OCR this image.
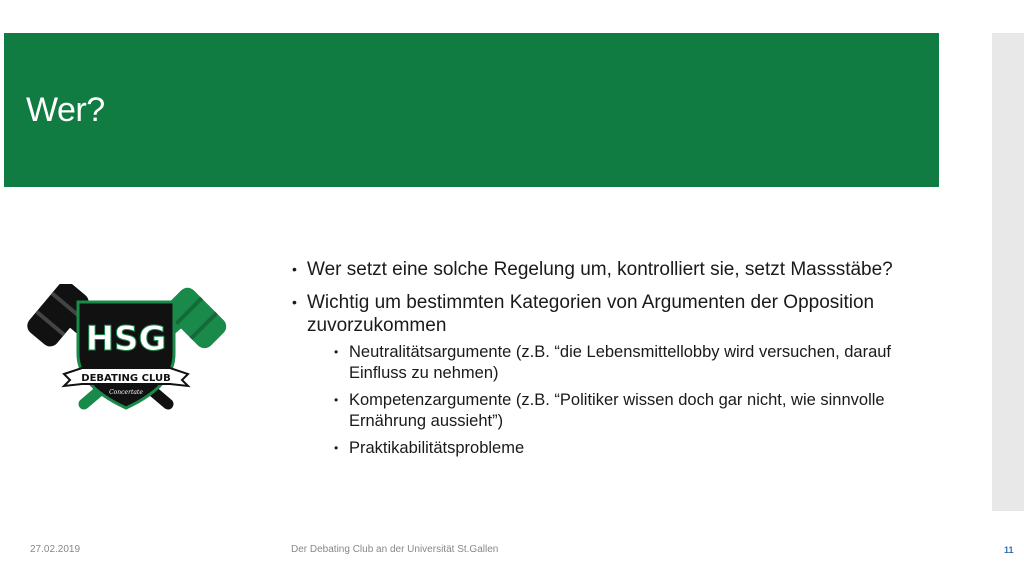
Wer?
HSG
DEBATING CLUB
Concertate
• Wer setzt eine solche Regelung um, kontrolliert sie, setzt Massstäbe?
• Wichtig um bestimmten Kategorien von Argumenten der Opposition zuvorzukommen
• Neutralitätsargumente (z.B. “die Lebensmittellobby wird versuchen, darauf Einfluss zu nehmen)
• Kompetenzargumente (z.B. “Politiker wissen doch gar nicht, wie sinnvolle Ernährung aussieht”)
• Praktikabilitätsprobleme
27.02.2019	Der Debating Club an der Universität St.Gallen	11
